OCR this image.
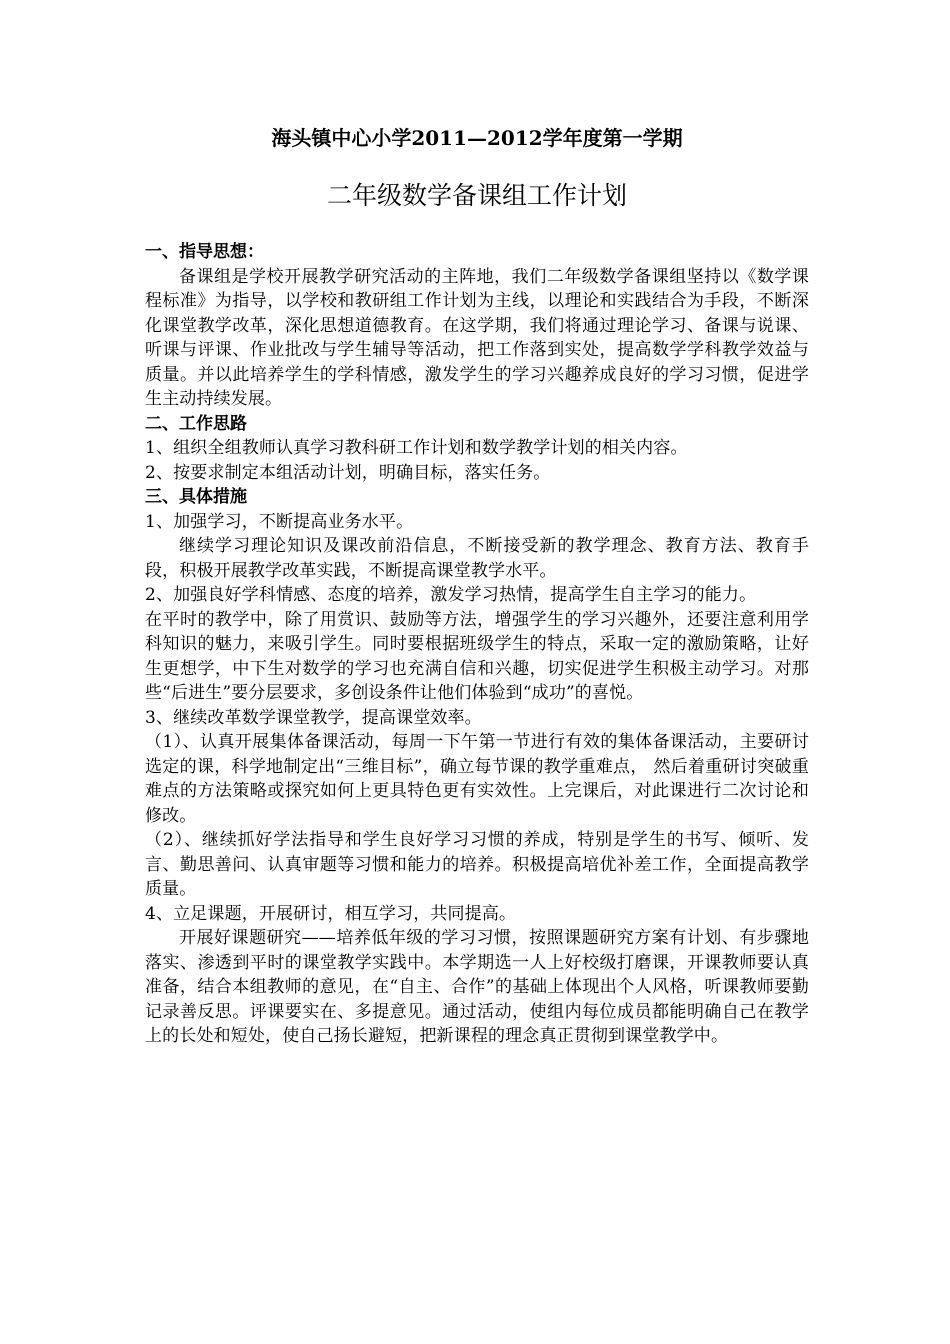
海头镇中心小学2011—2012学年度第一学期
二年级数学备课组工作计划
一、指导思想：
备课组是学校开展教学研究活动的主阵地，我们二年级数学备课组坚持以《数学课程标准》为指导，以学校和教研组工作计划为主线，以理论和实践结合为手段，不断深化课堂教学改革，深化思想道德教育。在这学期，我们将通过理论学习、备课与说课、听课与评课、作业批改与学生辅导等活动，把工作落到实处，提高数学学科教学效益与质量。并以此培养学生的学科情感，激发学生的学习兴趣养成良好的学习习惯，促进学生主动持续发展。
二、工作思路
1、组织全组教师认真学习教科研工作计划和数学教学计划的相关内容。
2、按要求制定本组活动计划，明确目标，落实任务。
三、具体措施
1、加强学习，不断提高业务水平。
继续学习理论知识及课改前沿信息，不断接受新的教学理念、教育方法、教育手段，积极开展教学改革实践，不断提高课堂教学水平。
2、加强良好学科情感、态度的培养，激发学习热情，提高学生自主学习的能力。
在平时的教学中，除了用赏识、鼓励等方法，增强学生的学习兴趣外，还要注意利用学科知识的魅力，来吸引学生。同时要根据班级学生的特点，采取一定的激励策略，让好生更想学，中下生对数学的学习也充满自信和兴趣，切实促进学生积极主动学习。对那些“后进生”要分层要求，多创设条件让他们体验到“成功”的喜悦。
3、继续改革数学课堂教学，提高课堂效率。
（1）、认真开展集体备课活动，每周一下午第一节进行有效的集体备课活动，主要研讨选定的课，科学地制定出“三维目标”，确立每节课的教学重难点， 然后着重研讨突破重难点的方法策略或探究如何上更具特色更有实效性。上完课后，对此课进行二次讨论和修改。
（2）、继续抓好学法指导和学生良好学习习惯的养成，特别是学生的书写、倾听、发言、勤思善问、认真审题等习惯和能力的培养。积极提高培优补差工作，全面提高教学质量。
4、立足课题，开展研讨，相互学习，共同提高。
开展好课题研究——培养低年级的学习习惯，按照课题研究方案有计划、有步骤地落实、渗透到平时的课堂教学实践中。本学期选一人上好校级打磨课，开课教师要认真准备，结合本组教师的意见，在“自主、合作”的基础上体现出个人风格，听课教师要勤记录善反思。评课要实在、多提意见。通过活动，使组内每位成员都能明确自己在教学上的长处和短处，使自己扬长避短，把新课程的理念真正贯彻到课堂教学中。
